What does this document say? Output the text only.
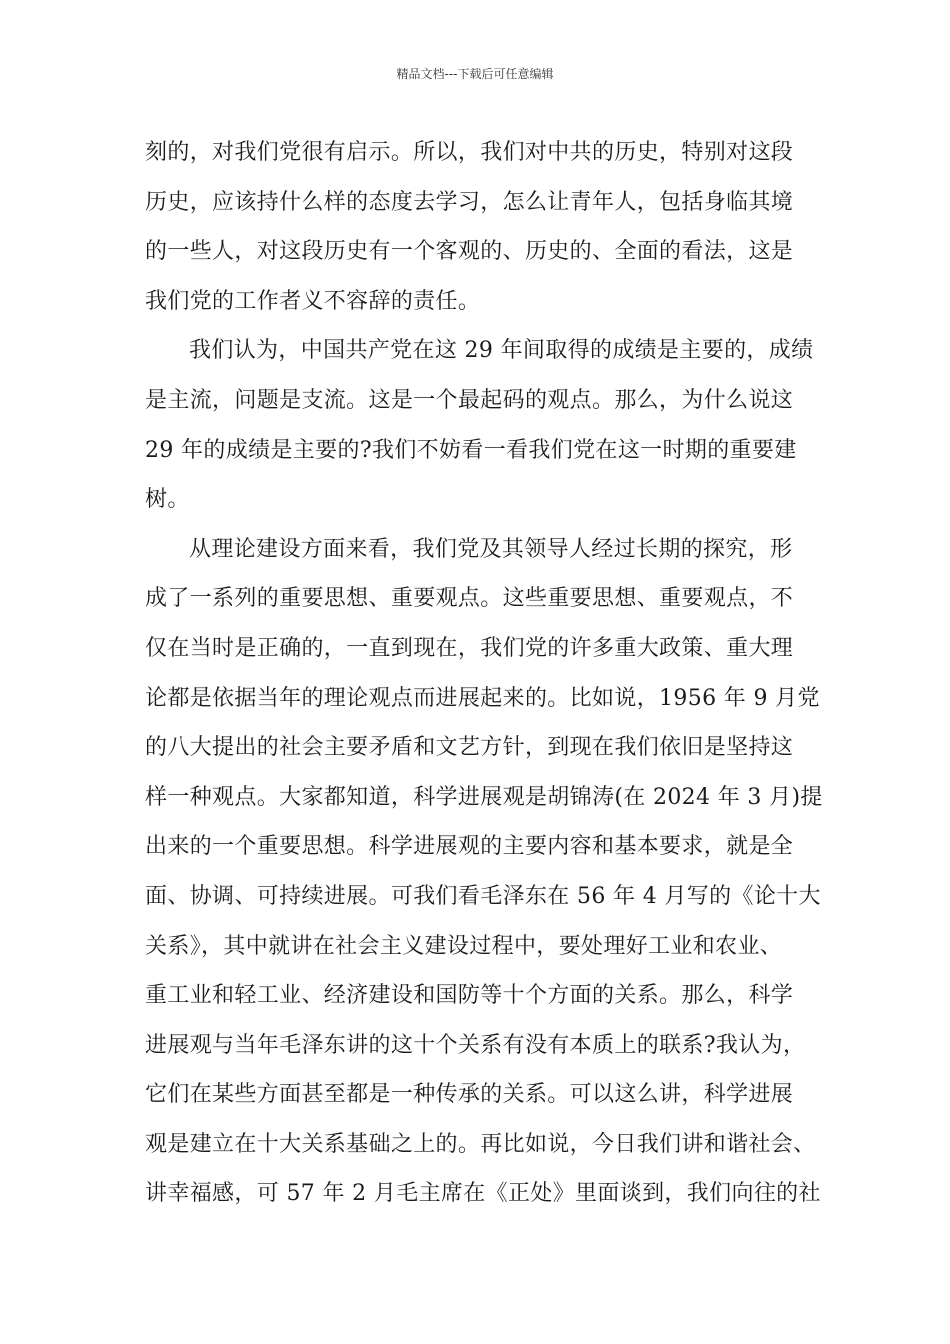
精品文档---下载后可任意编辑
刻的，对我们党很有启示。所以，我们对中共的历史，特别对这段
历史，应该持什么样的态度去学习，怎么让青年人，包括身临其境
的一些人，对这段历史有一个客观的、历史的、全面的看法，这是
我们党的工作者义不容辞的责任。
我们认为，中国共产党在这 29 年间取得的成绩是主要的，成绩
是主流，问题是支流。这是一个最起码的观点。那么，为什么说这
29 年的成绩是主要的?我们不妨看一看我们党在这一时期的重要建
树。
从理论建设方面来看，我们党及其领导人经过长期的探究，形
成了一系列的重要思想、重要观点。这些重要思想、重要观点，不
仅在当时是正确的，一直到现在，我们党的许多重大政策、重大理
论都是依据当年的理论观点而进展起来的。比如说，1956 年 9 月党
的八大提出的社会主要矛盾和文艺方针，到现在我们依旧是坚持这
样一种观点。大家都知道，科学进展观是胡锦涛(在 2024 年 3 月)提
出来的一个重要思想。科学进展观的主要内容和基本要求，就是全
面、协调、可持续进展。可我们看毛泽东在 56 年 4 月写的《论十大
关系》，其中就讲在社会主义建设过程中，要处理好工业和农业、
重工业和轻工业、经济建设和国防等十个方面的关系。那么，科学
进展观与当年毛泽东讲的这十个关系有没有本质上的联系?我认为，
它们在某些方面甚至都是一种传承的关系。可以这么讲，科学进展
观是建立在十大关系基础之上的。再比如说，今日我们讲和谐社会、
讲幸福感，可 57 年 2 月毛主席在《正处》里面谈到，我们向往的社
